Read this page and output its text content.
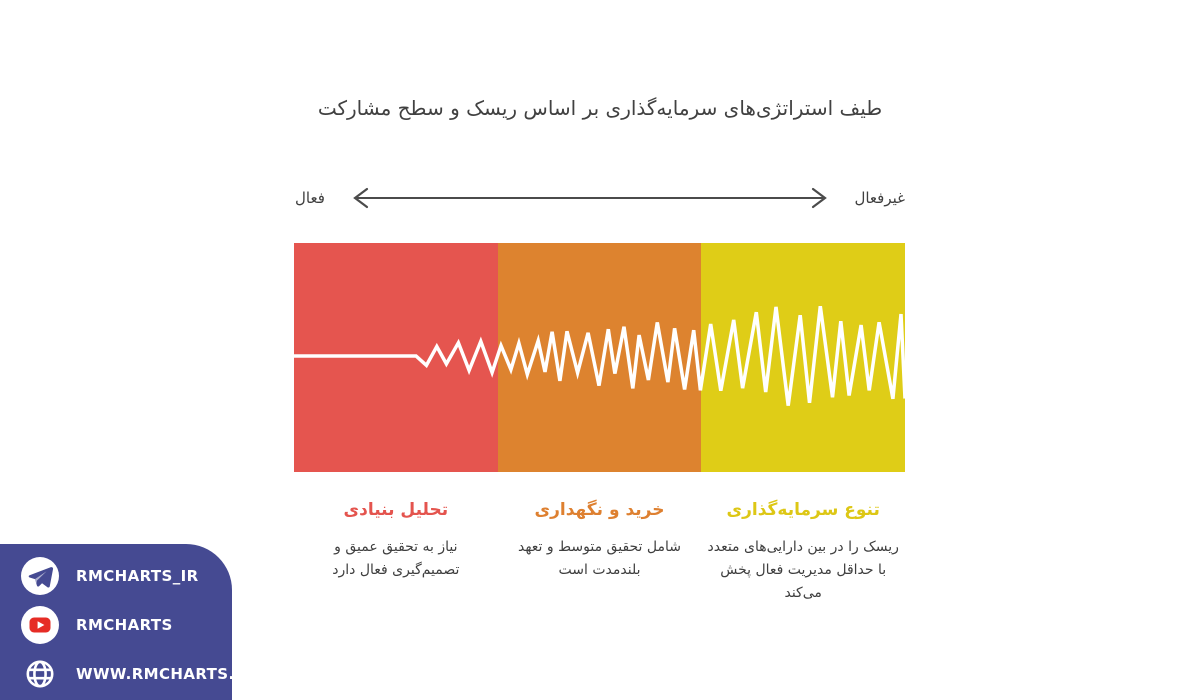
طیف استراتژی‌های سرمایه‌گذاری بر اساس ریسک و سطح مشارکت
فعال	غیرفعال
تحلیل بنیادی

نیاز به تحقیق عمیق و تصمیم‌گیری فعال دارد

خرید و نگهداری

شامل تحقیق متوسط و تعهد بلندمدت است

تنوع سرمایه‌گذاری

ریسک را در بین دارایی‌های متعدد با حداقل مدیریت فعال پخش می‌کند

RMCHARTS_IR
RMCHARTS
WWW.RMCHARTS.IR
